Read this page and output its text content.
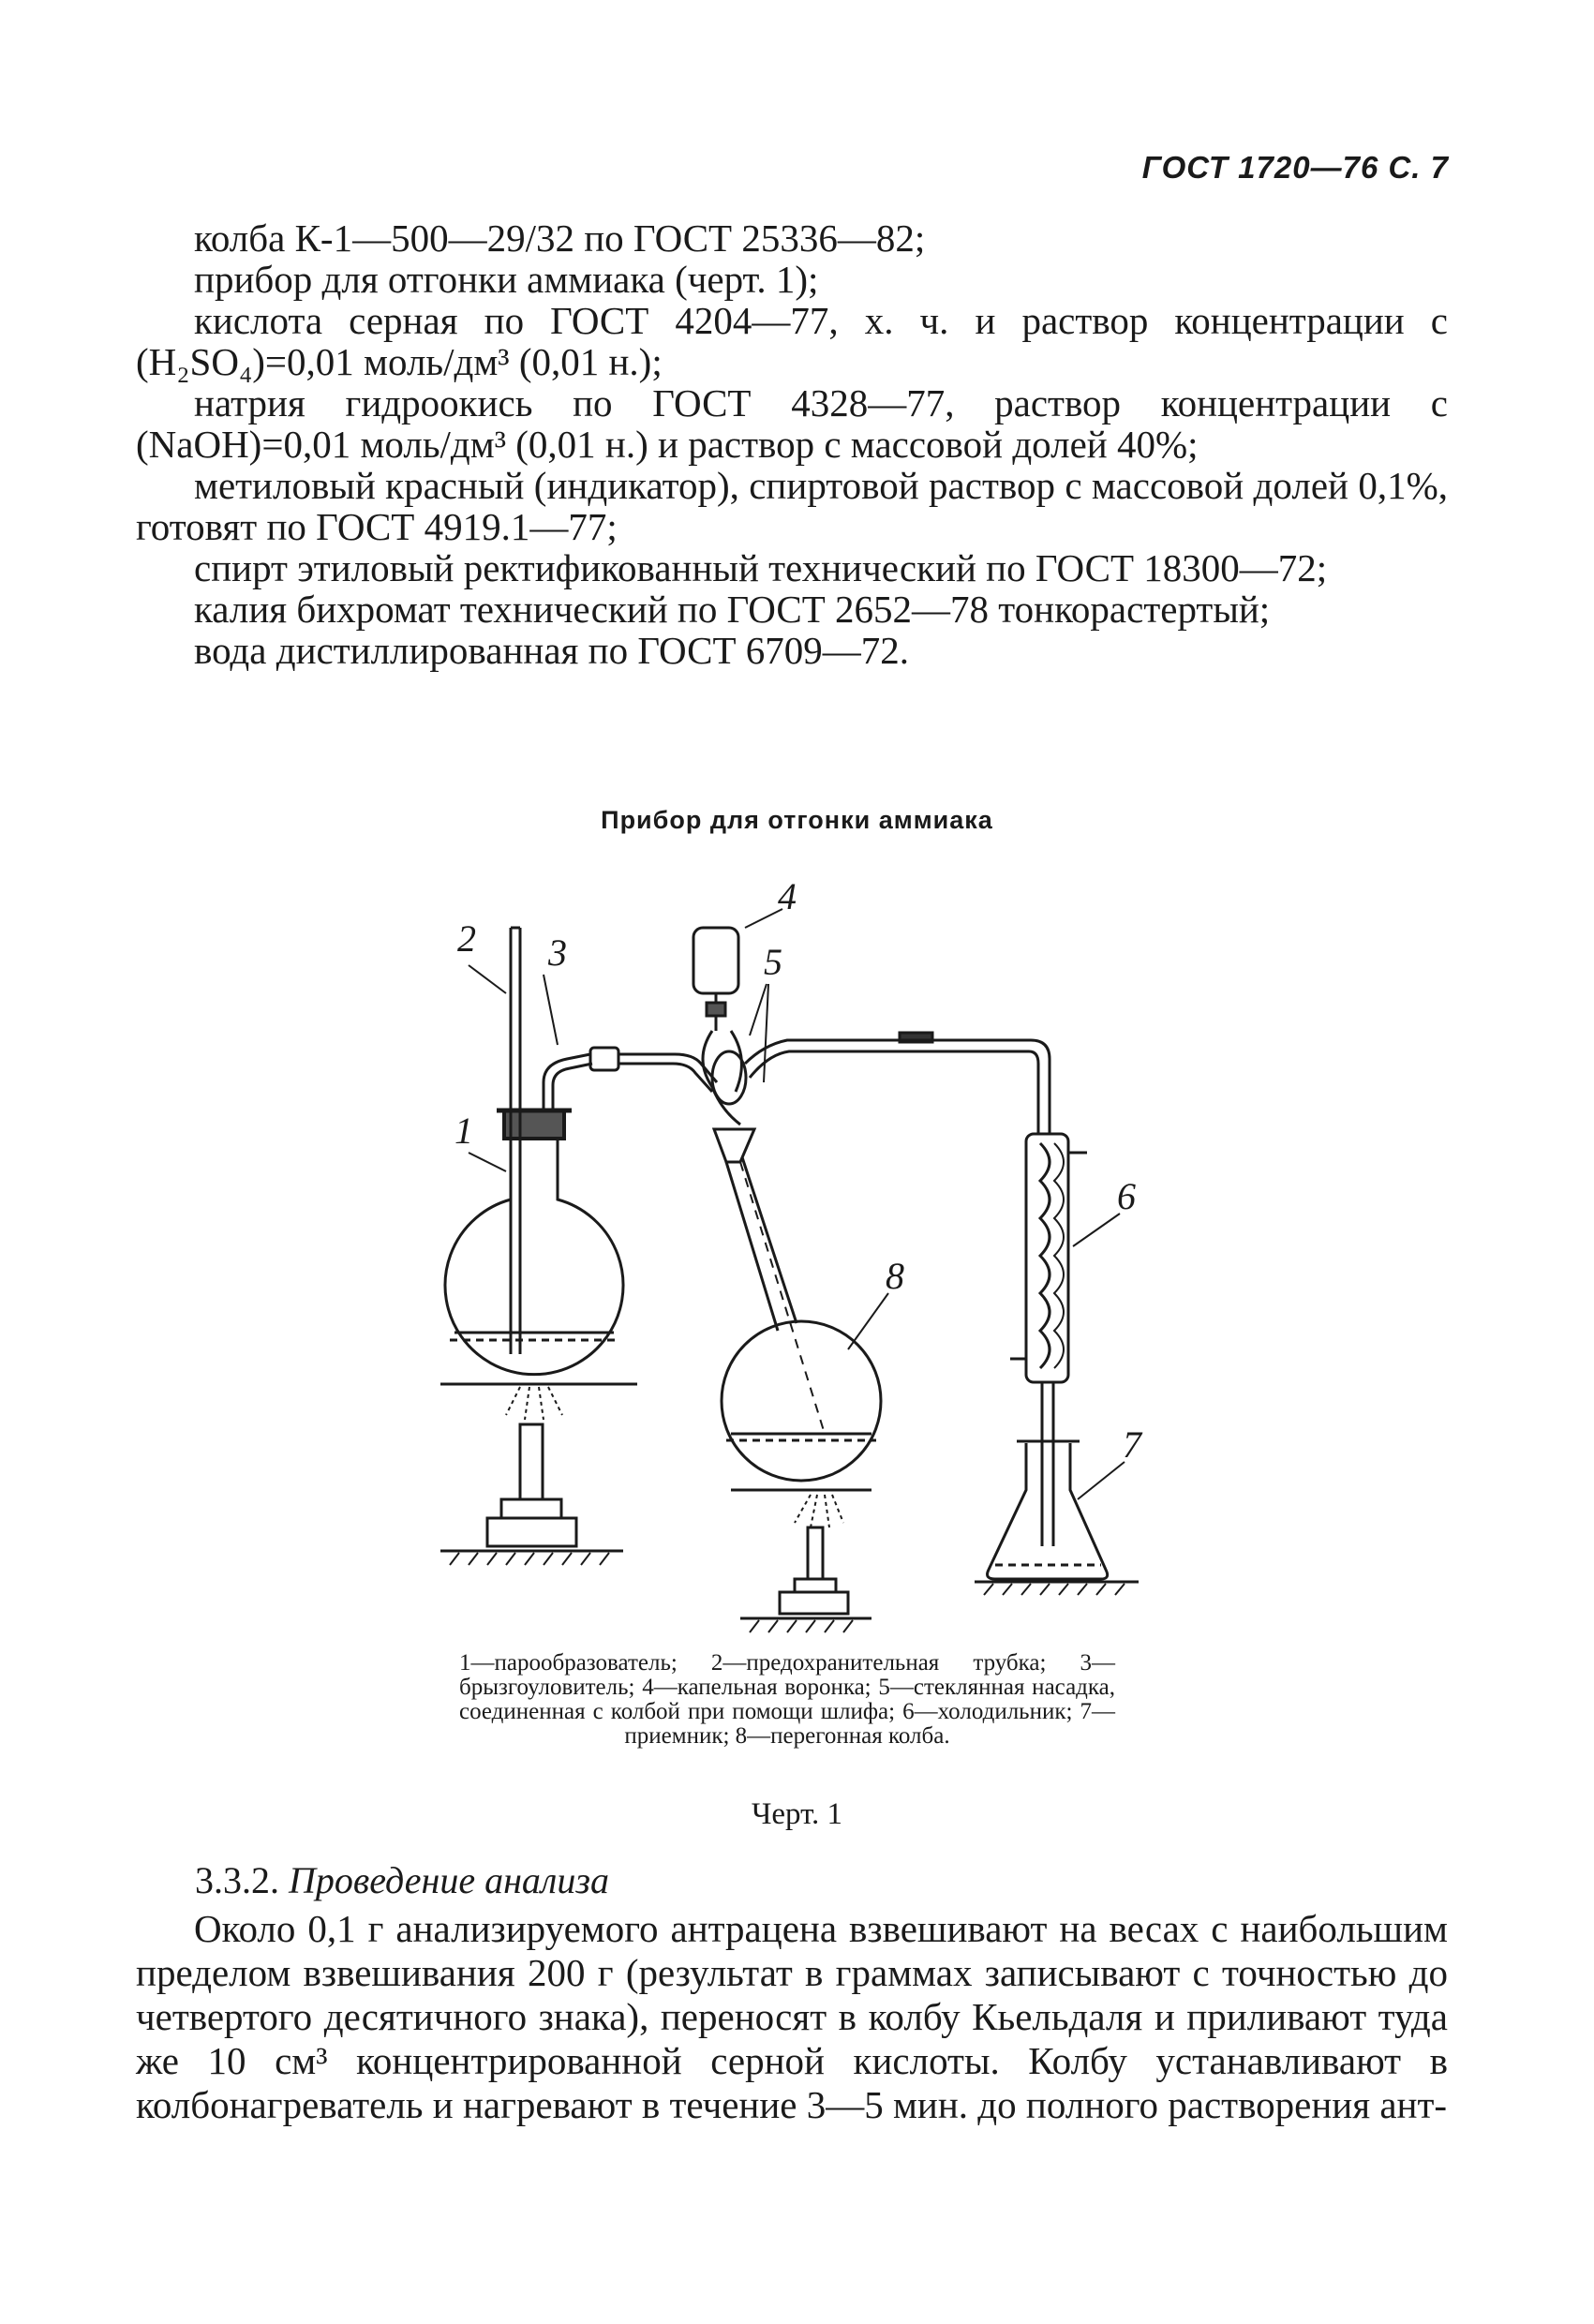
ГОСТ 1720—76 С. 7

колба К-1—500—29/32 по ГОСТ 25336—82;

прибор для отгонки аммиака (черт. 1);

кислота серная по ГОСТ 4204—77, х. ч. и раствор концентрации c (H₂SO₄)=0,01 моль/дм³ (0,01 н.);

натрия гидроокись по ГОСТ 4328—77, раствор концентрации c (NaOH)=0,01 моль/дм³ (0,01 н.) и раствор с массовой долей 40%;

метиловый красный (индикатор), спиртовой раствор с массовой долей 0,1%, готовят по ГОСТ 4919.1—77;

спирт этиловый ректификованный технический по ГОСТ 18300—72;

калия бихромат технический по ГОСТ 2652—78 тонкорастертый;

вода дистиллированная по ГОСТ 6709—72.

Прибор для отгонки аммиака
2 3
1
4
5
6
7
8
1—парообразователь; 2—предохранительная трубка; 3—брызгоуловитель; 4—капельная воронка; 5—стеклянная насадка, соединенная с колбой при помощи шлифа; 6—холодильник; 7—приемник; 8—перегонная колба.
Черт. 1
3.3.2. Проведение анализа

Около 0,1 г анализируемого антрацена взвешивают на весах с наибольшим пределом взвешивания 200 г (результат в граммах записывают с точностью до четвертого десятичного знака), переносят в колбу Кьельдаля и приливают туда же 10 см³ концентрированной серной кислоты. Колбу устанавливают в колбонагреватель и нагревают в течение 3—5 мин. до полного растворения ант-
